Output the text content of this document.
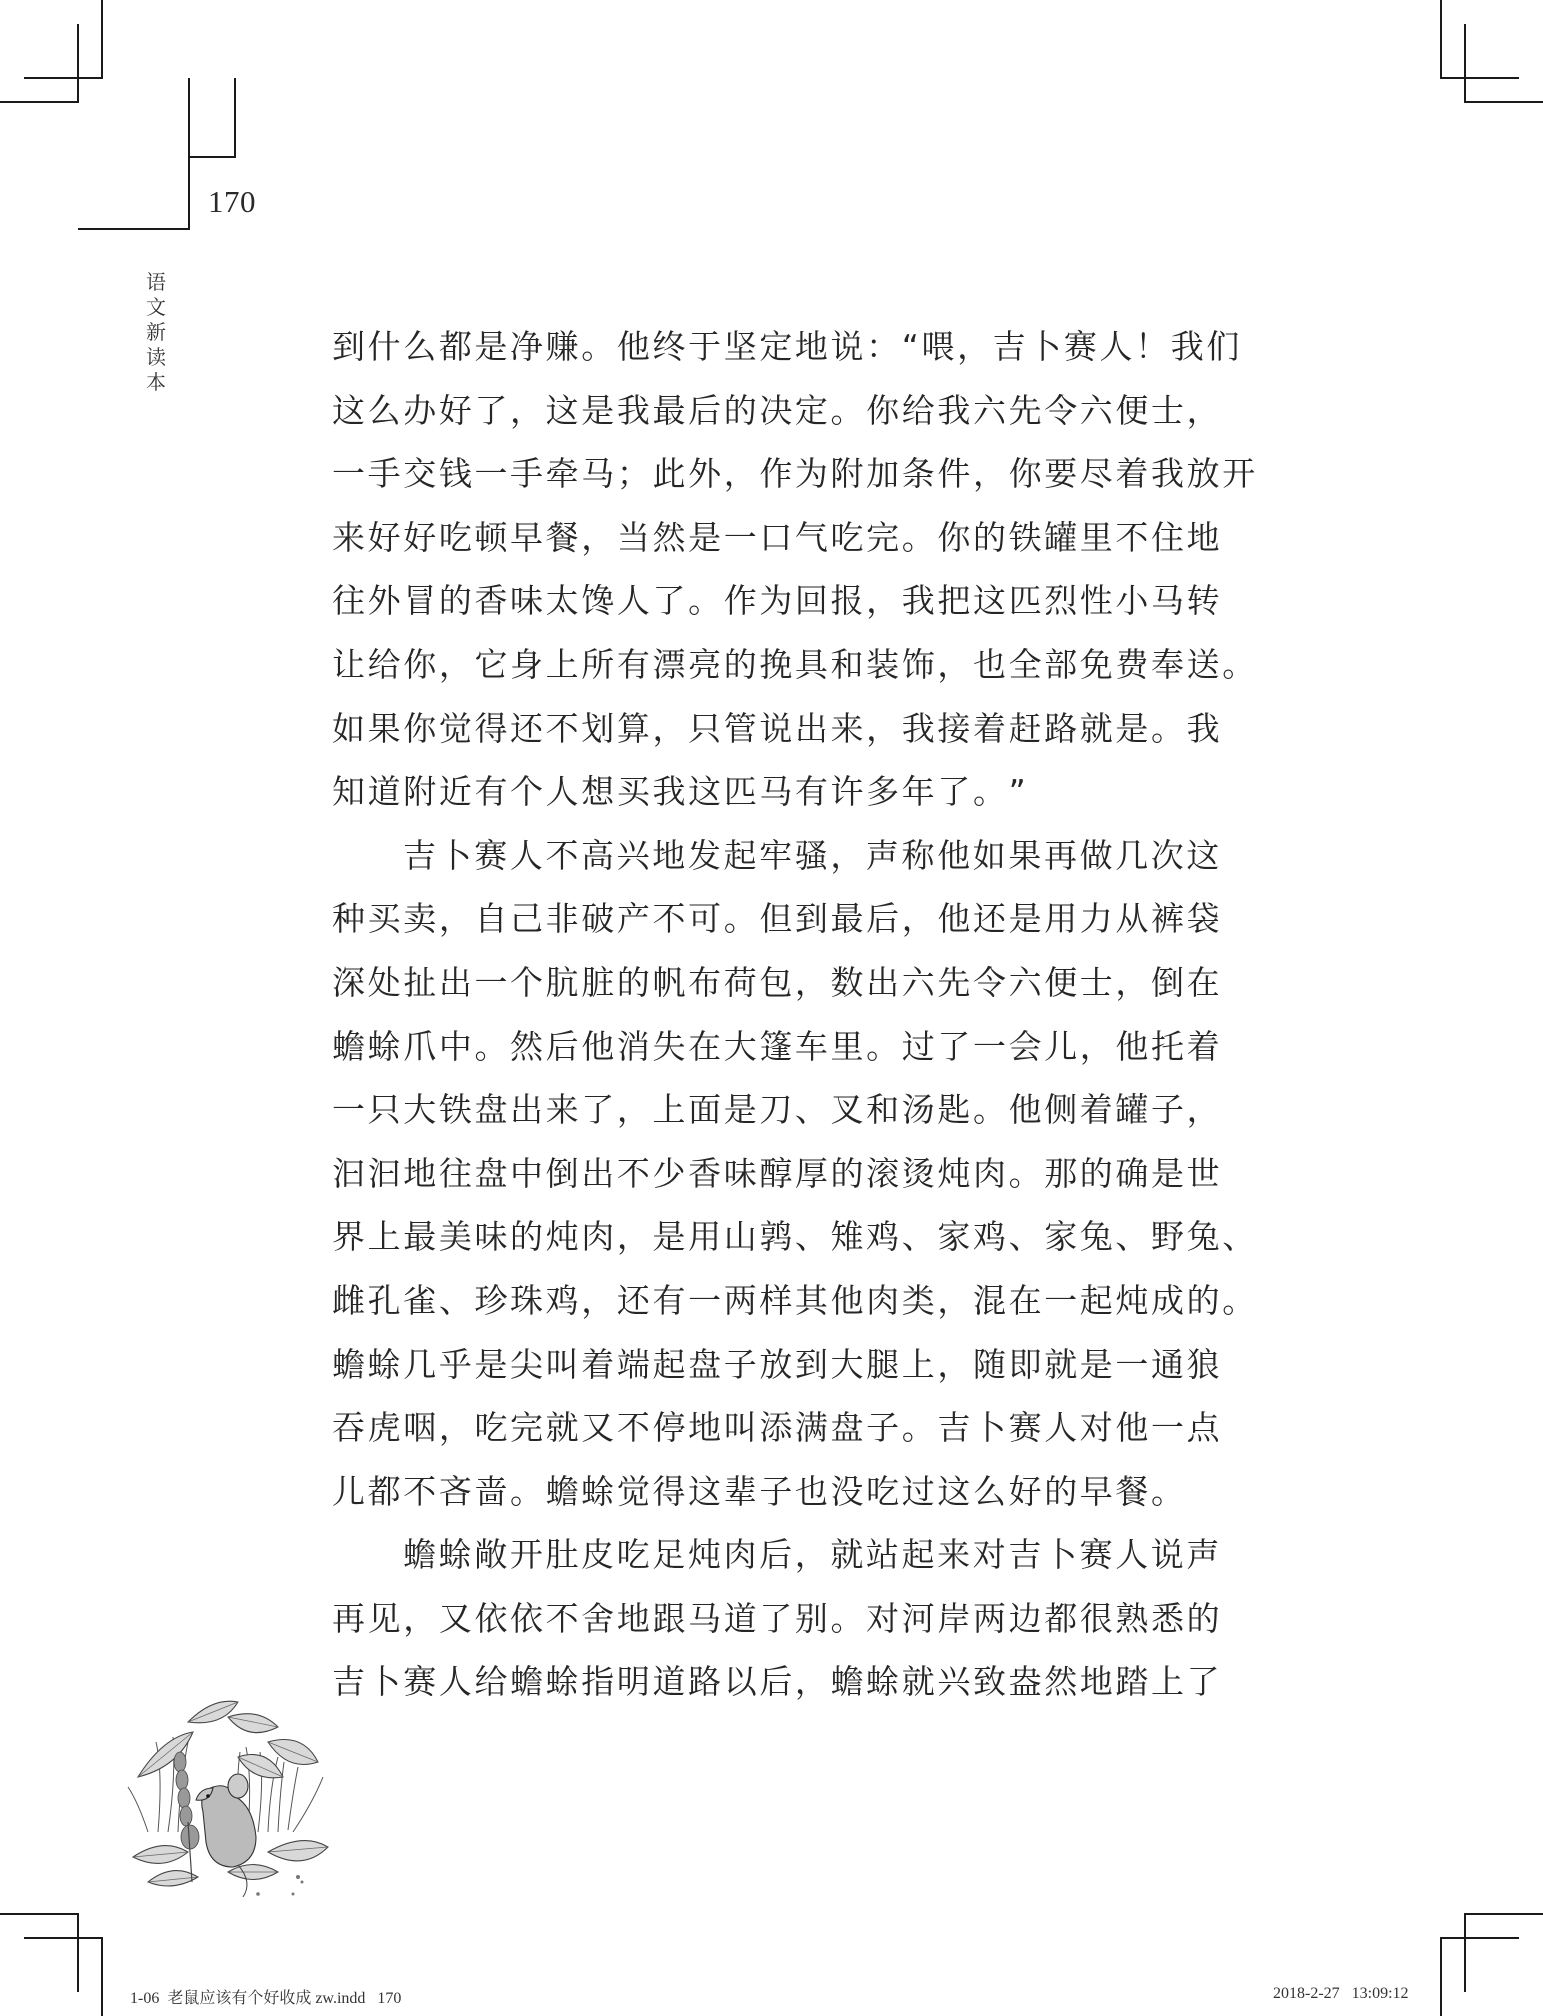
170
语
文
新
读
本
到 什 么 都 是 净 赚 。 他 终 于 坚 定 地 说 ： “ 喂 ， 吉 卜 赛 人 ！ 我 们
这 么 办 好 了 ， 这 是 我 最 后 的 决 定 。 你 给 我 六 先 令 六 便 士 ，
一 手 交 钱 一 手 牵 马 ； 此 外 ， 作 为 附 加 条 件 ， 你 要 尽 着 我 放 开
来 好 好 吃 顿 早 餐 ， 当 然 是 一 口 气 吃 完 。 你 的 铁 罐 里 不 住 地
往 外 冒 的 香 味 太 馋 人 了 。 作 为 回 报 ， 我 把 这 匹 烈 性 小 马 转
让 给 你 ， 它 身 上 所 有 漂 亮 的 挽 具 和 装 饰 ， 也 全 部 免 费 奉 送 。
如 果 你 觉 得 还 不 划 算 ， 只 管 说 出 来 ， 我 接 着 赶 路 就 是 。 我
知 道 附 近 有 个 人 想 买 我 这 匹 马 有 许 多 年 了 。 ”
吉 卜 赛 人 不 高 兴 地 发 起 牢 骚 ， 声 称 他 如 果 再 做 几 次 这
种 买 卖 ， 自 己 非 破 产 不 可 。 但 到 最 后 ， 他 还 是 用 力 从 裤 袋
深 处 扯 出 一 个 肮 脏 的 帆 布 荷 包 ， 数 出 六 先 令 六 便 士 ， 倒 在
蟾 蜍 爪 中 。 然 后 他 消 失 在 大 篷 车 里 。 过 了 一 会 儿 ， 他 托 着
一 只 大 铁 盘 出 来 了 ， 上 面 是 刀 、 叉 和 汤 匙 。 他 侧 着 罐 子 ，
汩 汩 地 往 盘 中 倒 出 不 少 香 味 醇 厚 的 滚 烫 炖 肉 。 那 的 确 是 世
界 上 最 美 味 的 炖 肉 ， 是 用 山 鹑 、 雉 鸡 、 家 鸡 、 家 兔 、 野 兔 、
雌 孔 雀 、 珍 珠 鸡 ， 还 有 一 两 样 其 他 肉 类 ， 混 在 一 起 炖 成 的 。
蟾 蜍 几 乎 是 尖 叫 着 端 起 盘 子 放 到 大 腿 上 ， 随 即 就 是 一 通 狼
吞 虎 咽 ， 吃 完 就 又 不 停 地 叫 添 满 盘 子 。 吉 卜 赛 人 对 他 一 点
儿 都 不 吝 啬 。 蟾 蜍 觉 得 这 辈 子 也 没 吃 过 这 么 好 的 早 餐 。
蟾 蜍 敞 开 肚 皮 吃 足 炖 肉 后 ， 就 站 起 来 对 吉 卜 赛 人 说 声
再 见 ， 又 依 依 不 舍 地 跟 马 道 了 别 。 对 河 岸 两 边 都 很 熟 悉 的
吉 卜 赛 人 给 蟾 蜍 指 明 道 路 以 后 ， 蟾 蜍 就 兴 致 盎 然 地 踏 上 了
1-06  老鼠应该有个好收成 zw.indd   170	2018-2-27   13:09:12
